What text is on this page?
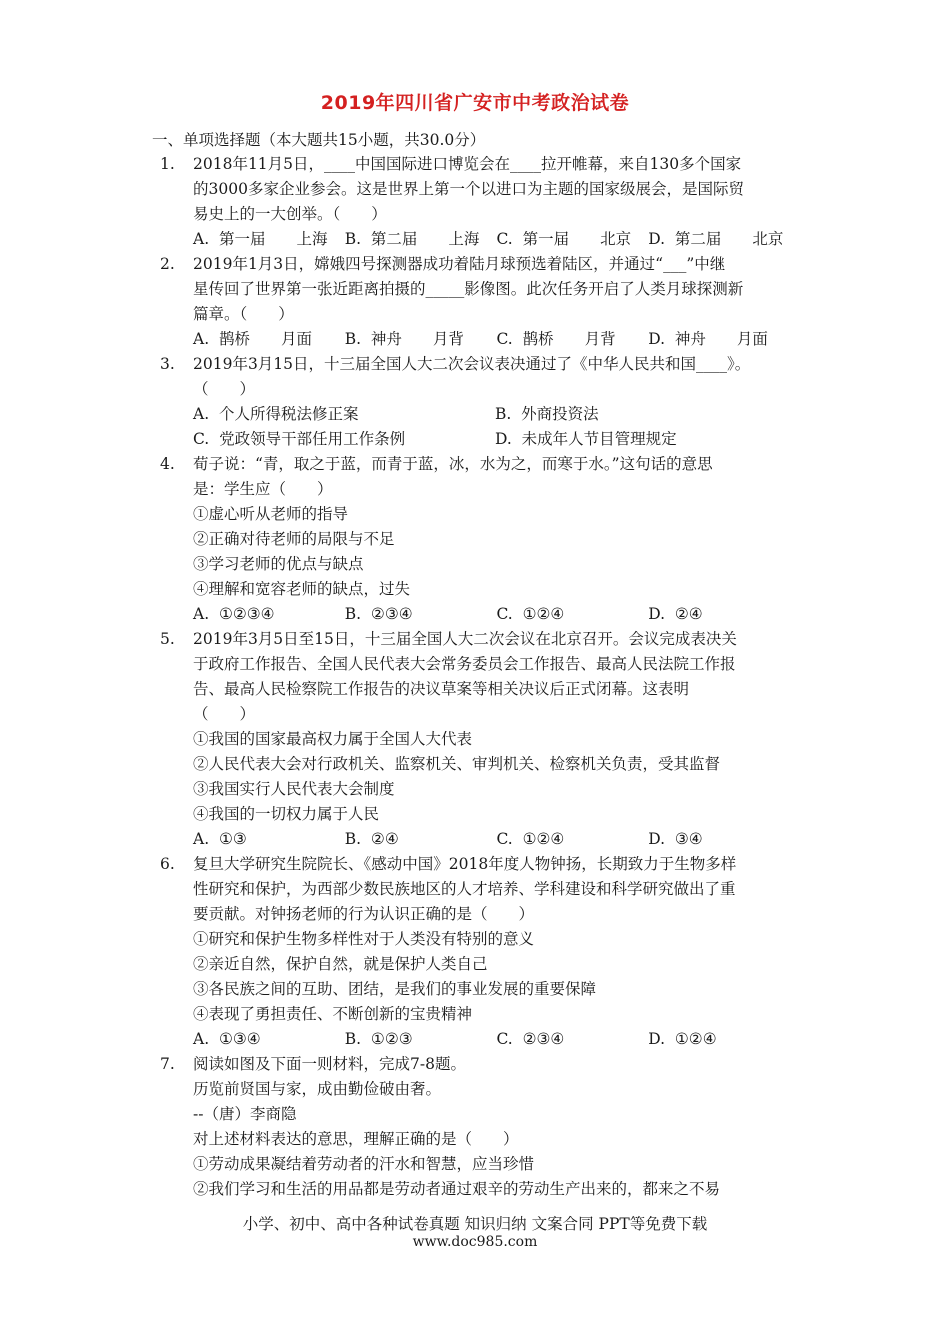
2019年四川省广安市中考政治试卷
一、单项选择题（本大题共15小题，共30.0分）
1. 2018年11月5日，____中国国际进口博览会在____拉开帷幕，来自130多个国家
的3000多家企业参会。这是世界上第一个以进口为主题的国家级展会，是国际贸
易史上的一大创举。（　　）
A.  第一届　　上海	B.  第二届　　上海	C.  第一届　　北京	D.  第二届　　北京
2. 2019年1月3日，嫦娥四号探测器成功着陆月球预选着陆区，并通过“___”中继
星传回了世界第一张近距离拍摄的_____影像图。此次任务开启了人类月球探测新
篇章。（　　）
A.  鹊桥　　月面	B.  神舟　　月背	C.  鹊桥　　月背	D.  神舟　　月面
3. 2019年3月15日，十三届全国人大二次会议表决通过了《中华人民共和国____》。
（　　）
A.  个人所得税法修正案	B.  外商投资法
C.  党政领导干部任用工作条例	D.  未成年人节目管理规定
4. 荀子说：“青，取之于蓝，而青于蓝，冰，水为之，而寒于水。”这句话的意思
是：学生应（　　）
①虚心听从老师的指导
②正确对待老师的局限与不足
③学习老师的优点与缺点
④理解和宽容老师的缺点，过失
A.  ①②③④	B.  ②③④	C.  ①②④	D.  ②④
5. 2019年3月5日至15日，十三届全国人大二次会议在北京召开。会议完成表决关
于政府工作报告、全国人民代表大会常务委员会工作报告、最高人民法院工作报
告、最高人民检察院工作报告的决议草案等相关决议后正式闭幕。这表明
（　　）
①我国的国家最高权力属于全国人大代表
②人民代表大会对行政机关、监察机关、审判机关、检察机关负责，受其监督
③我国实行人民代表大会制度
④我国的一切权力属于人民
A.  ①③	B.  ②④	C.  ①②④	D.  ③④
6. 复旦大学研究生院院长、《感动中国》2018年度人物钟扬，长期致力于生物多样
性研究和保护，为西部少数民族地区的人才培养、学科建设和科学研究做出了重
要贡献。对钟扬老师的行为认识正确的是（　　）
①研究和保护生物多样性对于人类没有特别的意义
②亲近自然，保护自然，就是保护人类自己
③各民族之间的互助、团结，是我们的事业发展的重要保障
④表现了勇担责任、不断创新的宝贵精神
A.  ①③④	B.  ①②③	C.  ②③④	D.  ①②④
7. 阅读如图及下面一则材料，完成7-8题。
历览前贤国与家，成由勤俭破由奢。
--（唐）李商隐
对上述材料表达的意思，理解正确的是（　　）
①劳动成果凝结着劳动者的汗水和智慧，应当珍惜
②我们学习和生活的用品都是劳动者通过艰辛的劳动生产出来的，都来之不易
小学、初中、高中各种试卷真题 知识归纳 文案合同 PPT等免费下载
www.doc985.com
